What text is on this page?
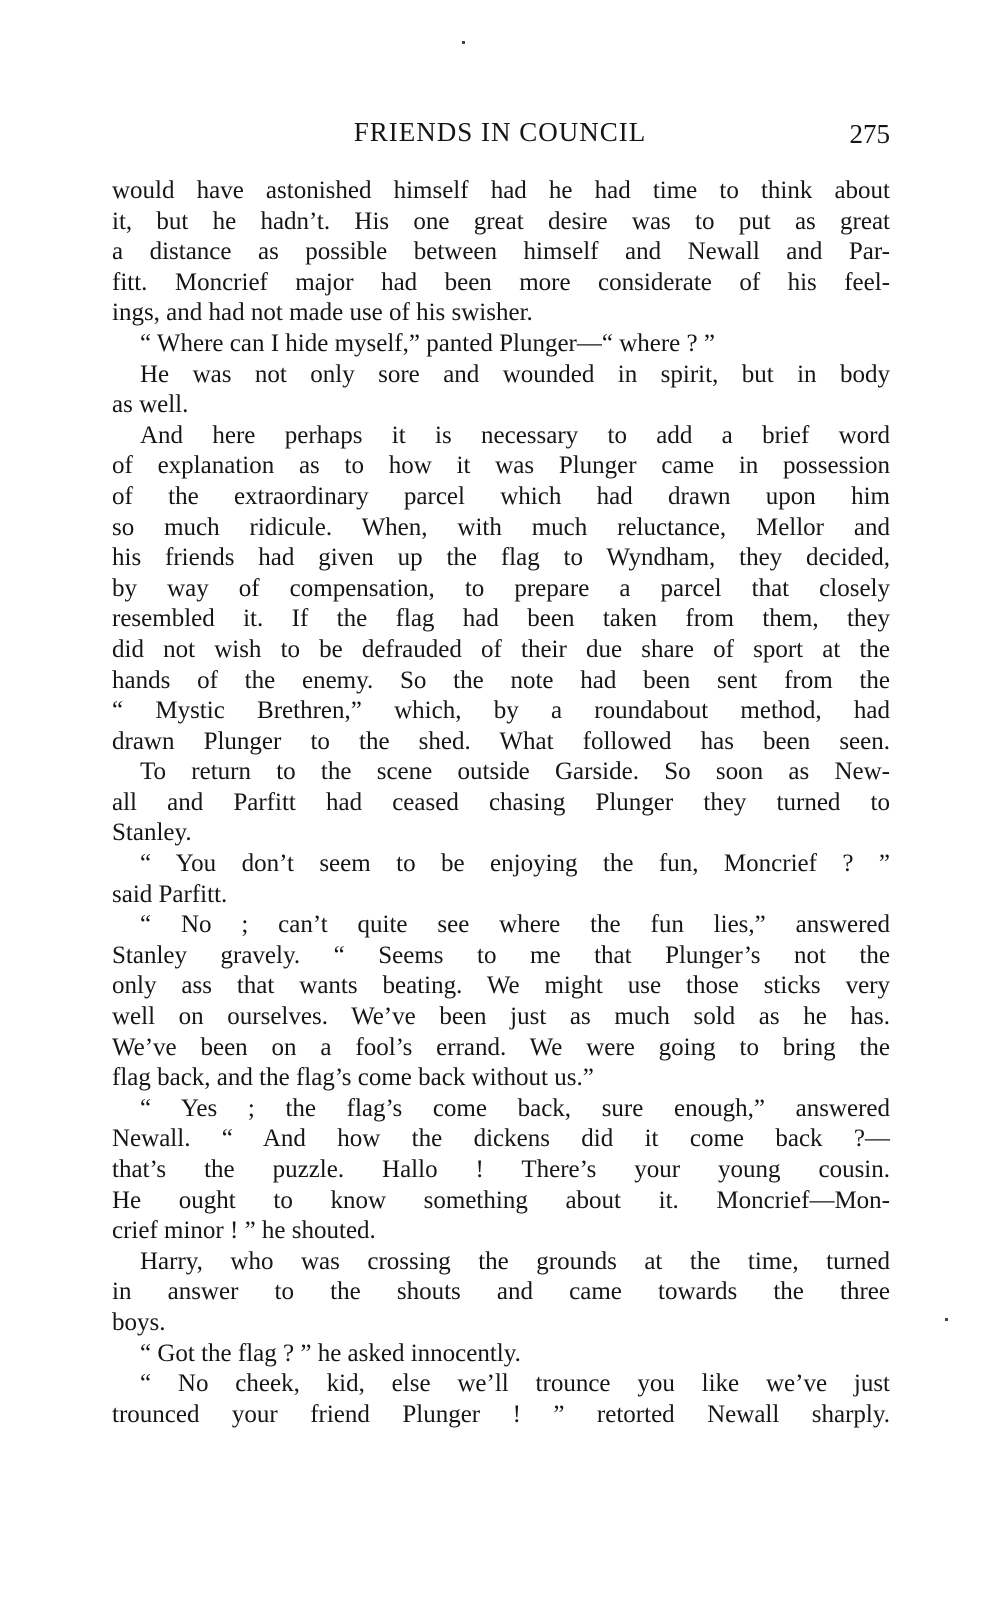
FRIENDS IN COUNCIL	275
would have astonished himself had he had time to think about
it, but he hadn’t. His one great desire was to put as great
a distance as possible between himself and Newall and Par-
fitt. Moncrief major had been more considerate of his feel-
ings, and had not made use of his swisher.
“ Where can I hide myself,” panted Plunger—“ where ? ”
He was not only sore and wounded in spirit, but in body
as well.
And here perhaps it is necessary to add a brief word
of explanation as to how it was Plunger came in possession
of the extraordinary parcel which had drawn upon him
so much ridicule. When, with much reluctance, Mellor and
his friends had given up the flag to Wyndham, they decided,
by way of compensation, to prepare a parcel that closely
resembled it. If the flag had been taken from them, they
did not wish to be defrauded of their due share of sport at the
hands of the enemy. So the note had been sent from the
“ Mystic Brethren,” which, by a roundabout method, had
drawn Plunger to the shed. What followed has been seen.
To return to the scene outside Garside. So soon as New-
all and Parfitt had ceased chasing Plunger they turned to
Stanley.
“ You don’t seem to be enjoying the fun, Moncrief ? ”
said Parfitt.
“ No ; can’t quite see where the fun lies,” answered
Stanley gravely. “ Seems to me that Plunger’s not the
only ass that wants beating. We might use those sticks very
well on ourselves. We’ve been just as much sold as he has.
We’ve been on a fool’s errand. We were going to bring the
flag back, and the flag’s come back without us.”
“ Yes ; the flag’s come back, sure enough,” answered
Newall. “ And how the dickens did it come back ?—
that’s the puzzle. Hallo ! There’s your young cousin.
He ought to know something about it. Moncrief—Mon-
crief minor ! ” he shouted.
Harry, who was crossing the grounds at the time, turned
in answer to the shouts and came towards the three
boys.
“ Got the flag ? ” he asked innocently.
“ No cheek, kid, else we’ll trounce you like we’ve just
trounced your friend Plunger ! ” retorted Newall sharply.
